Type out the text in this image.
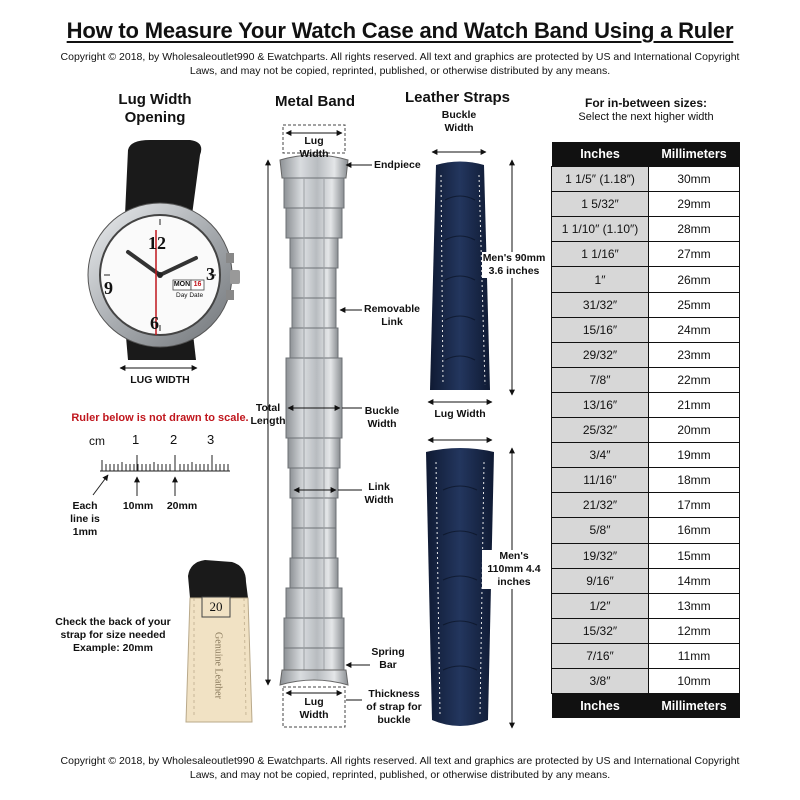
How to Measure Your Watch Case and Watch Band Using a Ruler
Copyright © 2018, by Wholesaleoutlet990 & Ewatchparts. All rights reserved. All text and graphics are protected by US and International Copyright Laws, and may not be copied, reprinted, published, or otherwise distributed by any means.
Copyright © 2018, by Wholesaleoutlet990 & Ewatchparts. All rights reserved. All text and graphics are protected by US and International Copyright Laws, and may not be copied, reprinted, published, or otherwise distributed by any means.
Lug Width Opening
Metal Band	Leather Straps	For in-between sizes:
Select the next higher width
12
3
6
9	MON 16
Day Date
LUG WIDTH
Ruler below is not drawn to scale.
cm 1 2 3
Each line is 1mm
10mm	20mm
20
Genuine Leather
Check the back of your strap for size needed Example: 20mm
Lug Width
Endpiece
Removable Link
Total Length
Buckle Width
Link Width
Spring Bar
Lug Width
Thickness of strap for buckle
Buckle Width
Men's 90mm 3.6 inches
Lug Width
Men's 110mm 4.4 inches
Inches	Millimeters
1 1/5″ (1.18″)	30mm
1 5/32″	29mm
1 1/10″ (1.10″)	28mm
1 1/16″	27mm
1″	26mm
31/32″	25mm
15/16″	24mm
29/32″	23mm
7/8″	22mm
13/16″	21mm
25/32″	20mm
3/4″	19mm
11/16″	18mm
21/32″	17mm
5/8″	16mm
19/32″	15mm
9/16″	14mm
1/2″	13mm
15/32″	12mm
7/16″	11mm
3/8″	10mm
Inches	Millimeters
